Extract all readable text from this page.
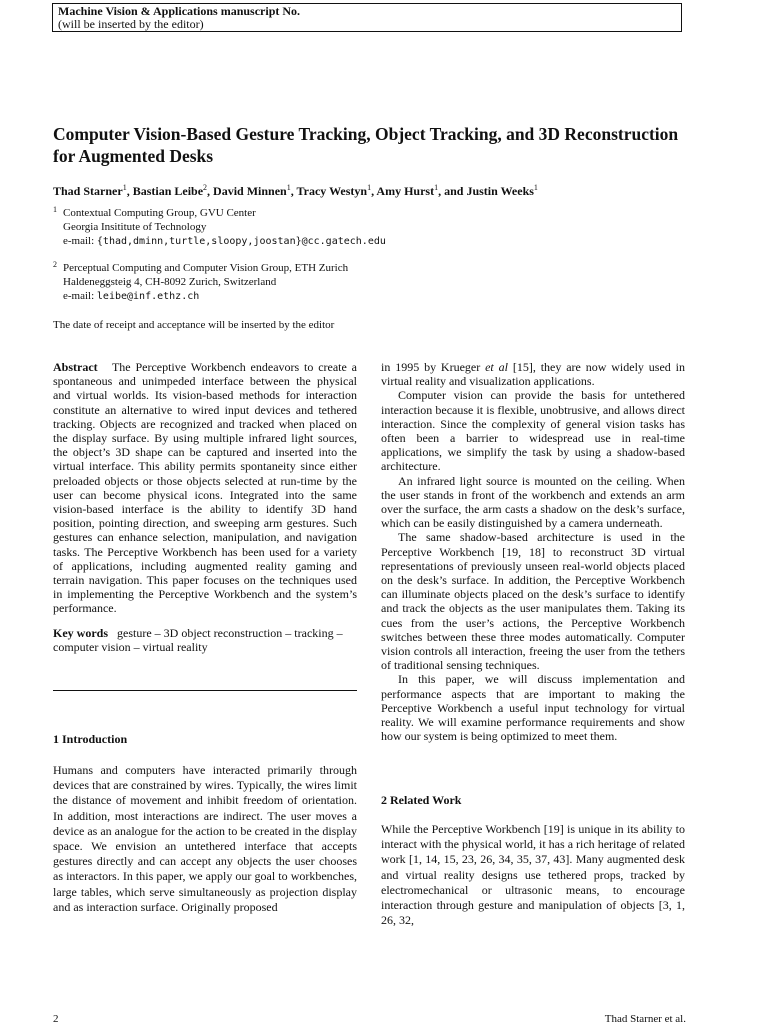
Machine Vision & Applications manuscript No.
(will be inserted by the editor)
Computer Vision-Based Gesture Tracking, Object Tracking, and 3D Reconstruction for Augmented Desks
Thad Starner$^1$, Bastian Leibe$^2$, David Minnen$^1$, Tracy Westyn$^1$, Amy Hurst$^1$, and Justin Weeks$^1$
1 Contextual Computing Group, GVU Center
Georgia Insititute of Technology
e-mail: {thad,dminn,turtle,sloopy,joostan}@cc.gatech.edu
2 Perceptual Computing and Computer Vision Group, ETH Zurich
Haldeneggsteig 4, CH-8092 Zurich, Switzerland
e-mail: leibe@inf.ethz.ch
The date of receipt and acceptance will be inserted by the editor

Abstract The Perceptive Workbench endeavors to create a spontaneous and unimpeded interface between the physical and virtual worlds. Its vision-based methods for interaction constitute an alternative to wired input devices and tethered tracking. Objects are recognized and tracked when placed on the display surface. By using multiple infrared light sources, the object’s 3D shape can be captured and inserted into the virtual interface. This ability permits spontaneity since either preloaded objects or those objects selected at run-time by the user can become physical icons. Integrated into the same vision-based interface is the ability to identify 3D hand position, pointing direction, and sweeping arm gestures. Such gestures can enhance selection, manipulation, and navigation tasks. The Perceptive Workbench has been used for a variety of applications, including augmented reality gaming and terrain navigation. This paper focuses on the techniques used in implementing the Perceptive Workbench and the system’s performance.

Key words gesture – 3D object reconstruction – tracking – computer vision – virtual reality

1 Introduction
Humans and computers have interacted primarily through devices that are constrained by wires. Typically, the wires limit the distance of movement and inhibit freedom of orientation. In addition, most interactions are indirect. The user moves a device as an analogue for the action to be created in the display space. We envision an untethered interface that accepts gestures directly and can accept any objects the user chooses as interactors. In this paper, we apply our goal to workbenches, large tables, which serve simultaneously as projection display and as interaction surface. Originally proposed

in 1995 by Krueger et al [15], they are now widely used in virtual reality and visualization applications.

Computer vision can provide the basis for untethered interaction because it is flexible, unobtrusive, and allows direct interaction. Since the complexity of general vision tasks has often been a barrier to widespread use in real-time applications, we simplify the task by using a shadow-based architecture.

An infrared light source is mounted on the ceiling. When the user stands in front of the workbench and extends an arm over the surface, the arm casts a shadow on the desk’s surface, which can be easily distinguished by a camera underneath.

The same shadow-based architecture is used in the Perceptive Workbench [19, 18] to reconstruct 3D virtual representations of previously unseen real-world objects placed on the desk’s surface. In addition, the Perceptive Workbench can illuminate objects placed on the desk’s surface to identify and track the objects as the user manipulates them. Taking its cues from the user’s actions, the Perceptive Workbench switches between these three modes automatically. Computer vision controls all interaction, freeing the user from the tethers of traditional sensing techniques.

In this paper, we will discuss implementation and performance aspects that are important to making the Perceptive Workbench a useful input technology for virtual reality. We will examine performance requirements and show how our system is being optimized to meet them.

2 Related Work
While the Perceptive Workbench [19] is unique in its ability to interact with the physical world, it has a rich heritage of related work [1, 14, 15, 23, 26, 34, 35, 37, 43]. Many augmented desk and virtual reality designs use tethered props, tracked by electromechanical or ultrasonic means, to encourage interaction through gesture and manipulation of objects [3, 1, 26, 32,
2	Thad Starner et al.
